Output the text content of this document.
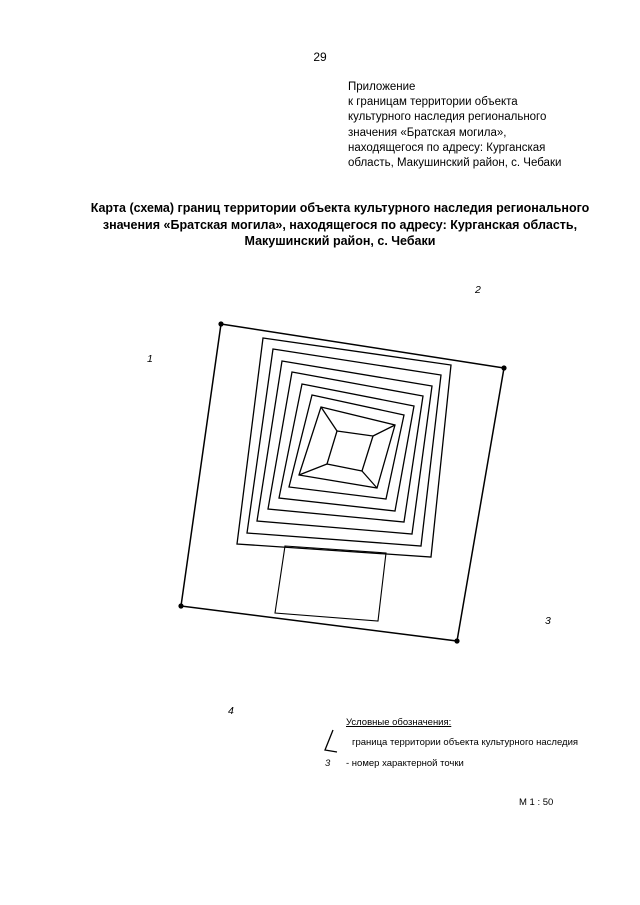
29
Приложение
к границам территории объекта
культурного наследия регионального
значения «Братская могила»,
находящегося по адресу: Курганская
область, Макушинский район, с. Чебаки
Карта (схема) границ территории объекта культурного наследия регионального
значения «Братская могила», находящегося по адресу: Курганская область,
Макушинский район, с. Чебаки
1
2
3
4
Условные обозначения:
граница территории объекта культурного наследия
3 - номер характерной точки
М 1 : 50
